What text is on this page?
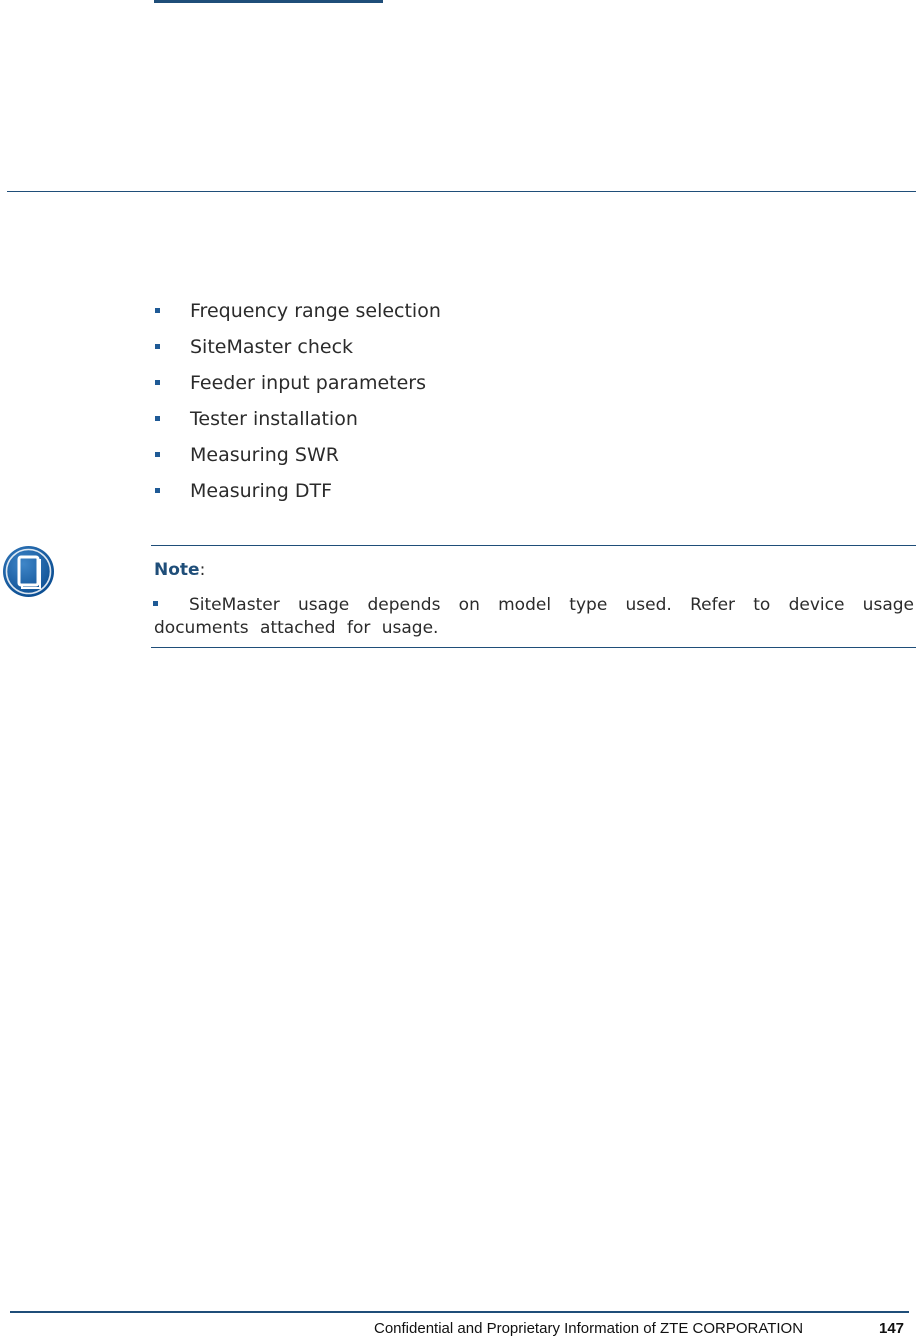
Frequency range selection
SiteMaster check
Feeder input parameters
Tester installation
Measuring SWR
Measuring DTF
Note:

SiteMaster usage depends on model type used. Refer to device usage documents attached for usage.

Confidential and Proprietary Information of ZTE CORPORATION	147
